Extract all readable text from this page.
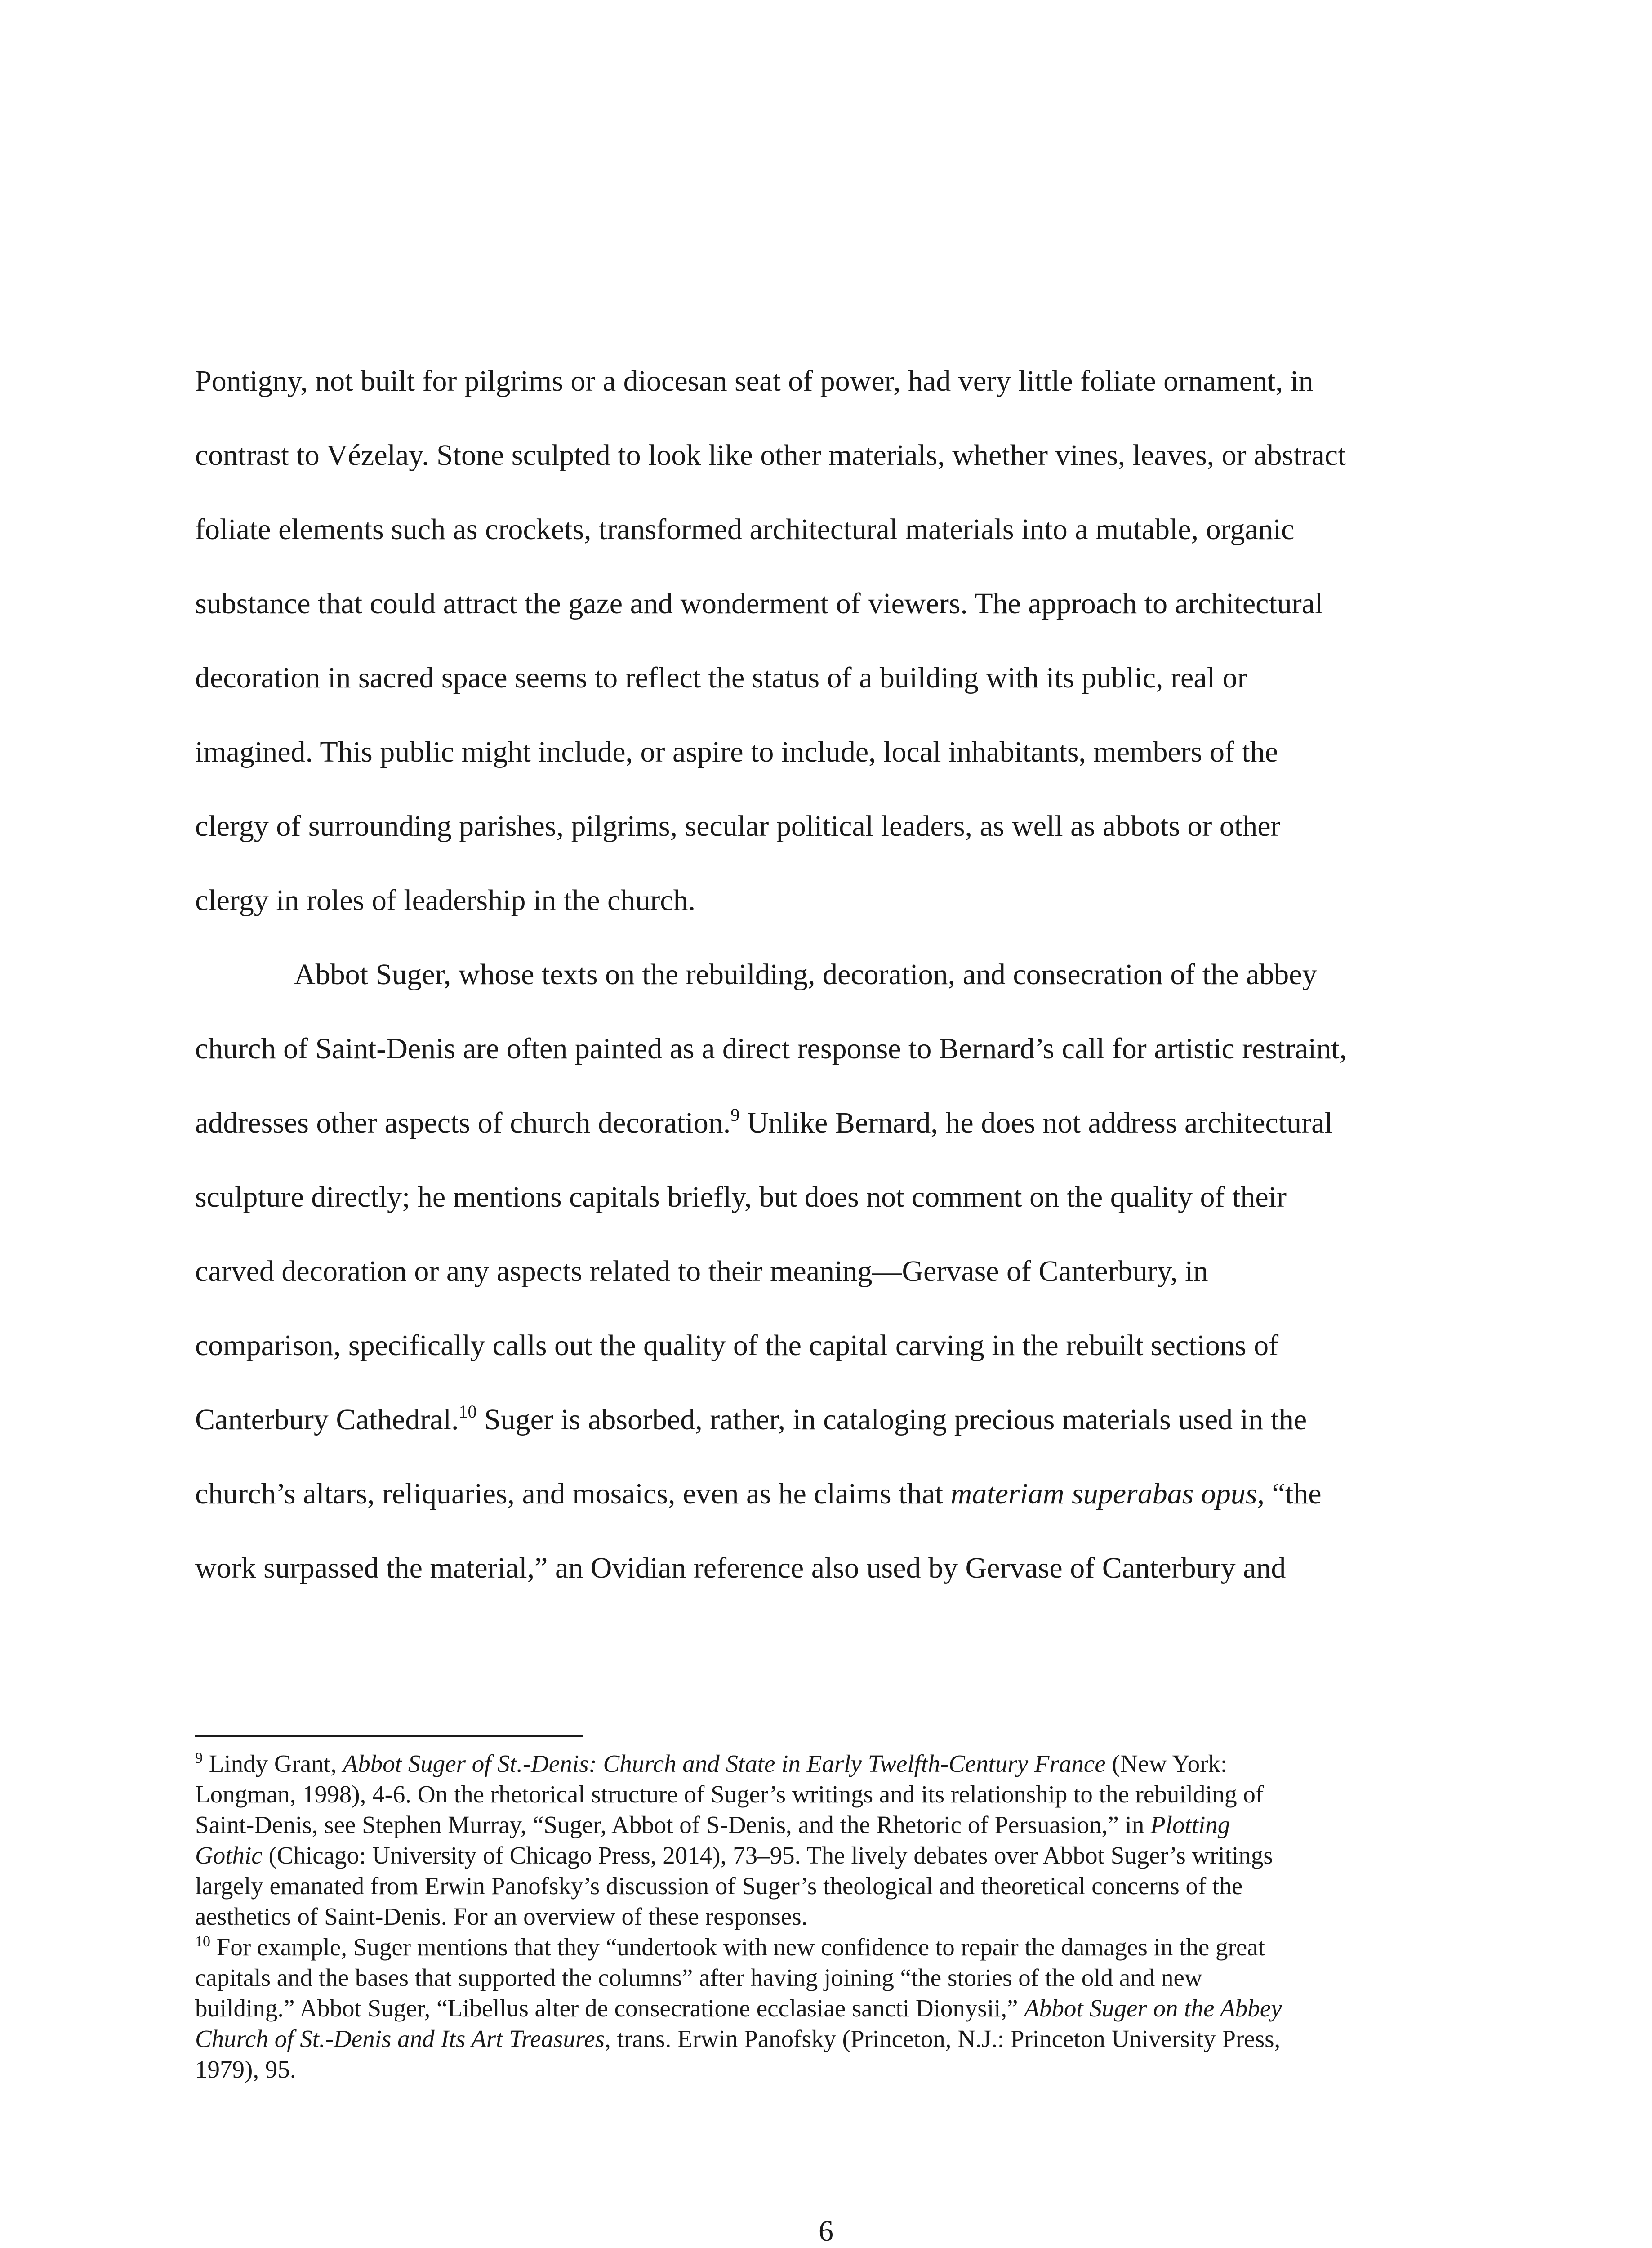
Pontigny, not built for pilgrims or a diocesan seat of power, had very little foliate ornament, in
contrast to Vézelay. Stone sculpted to look like other materials, whether vines, leaves, or abstract
foliate elements such as crockets, transformed architectural materials into a mutable, organic
substance that could attract the gaze and wonderment of viewers. The approach to architectural
decoration in sacred space seems to reflect the status of a building with its public, real or
imagined. This public might include, or aspire to include, local inhabitants, members of the
clergy of surrounding parishes, pilgrims, secular political leaders, as well as abbots or other
clergy in roles of leadership in the church.
Abbot Suger, whose texts on the rebuilding, decoration, and consecration of the abbey
church of Saint-Denis are often painted as a direct response to Bernard’s call for artistic restraint,
addresses other aspects of church decoration.$^9$ Unlike Bernard, he does not address architectural
sculpture directly; he mentions capitals briefly, but does not comment on the quality of their
carved decoration or any aspects related to their meaning—Gervase of Canterbury, in
comparison, specifically calls out the quality of the capital carving in the rebuilt sections of
Canterbury Cathedral.$^{10}$ Suger is absorbed, rather, in cataloging precious materials used in the
church’s altars, reliquaries, and mosaics, even as he claims that materiam superabas opus, “the
work surpassed the material,” an Ovidian reference also used by Gervase of Canterbury and
$^9$ Lindy Grant, Abbot Suger of St.-Denis: Church and State in Early Twelfth-Century France (New York:
Longman, 1998), 4-6. On the rhetorical structure of Suger’s writings and its relationship to the rebuilding of
Saint-Denis, see Stephen Murray, “Suger, Abbot of S-Denis, and the Rhetoric of Persuasion,” in Plotting
Gothic (Chicago: University of Chicago Press, 2014), 73–95. The lively debates over Abbot Suger’s writings
largely emanated from Erwin Panofsky’s discussion of Suger’s theological and theoretical concerns of the
aesthetics of Saint-Denis. For an overview of these responses.
$^{10}$ For example, Suger mentions that they “undertook with new confidence to repair the damages in the great
capitals and the bases that supported the columns” after having joining “the stories of the old and new
building.” Abbot Suger, “Libellus alter de consecratione ecclasiae sancti Dionysii,” Abbot Suger on the Abbey
Church of St.-Denis and Its Art Treasures, trans. Erwin Panofsky (Princeton, N.J.: Princeton University Press,
1979), 95.
6
